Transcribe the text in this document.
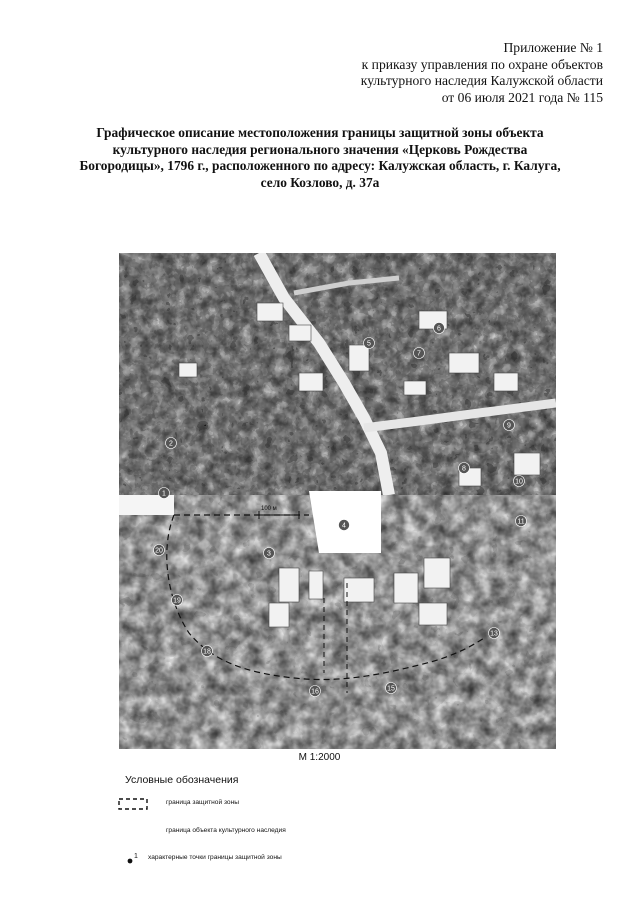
Приложение № 1
к приказу управления по охране объектов
культурного наследия Калужской области
от 06 июля 2021 года № 115
Графическое описание местоположения границы защитной зоны объекта
культурного наследия регионального значения «Церковь Рождества
Богородицы», 1796 г., расположенного по адресу: Калужская область, г. Калуга,
село Козлово, д. 37а
100 м
1
2
3
4
5
6
7
8
9
10
11
13
15
16
18
19
20
М 1:2000
Условные обозначения
граница защитной зоны
граница объекта культурного наследия
1 характерные точки границы защитной зоны
